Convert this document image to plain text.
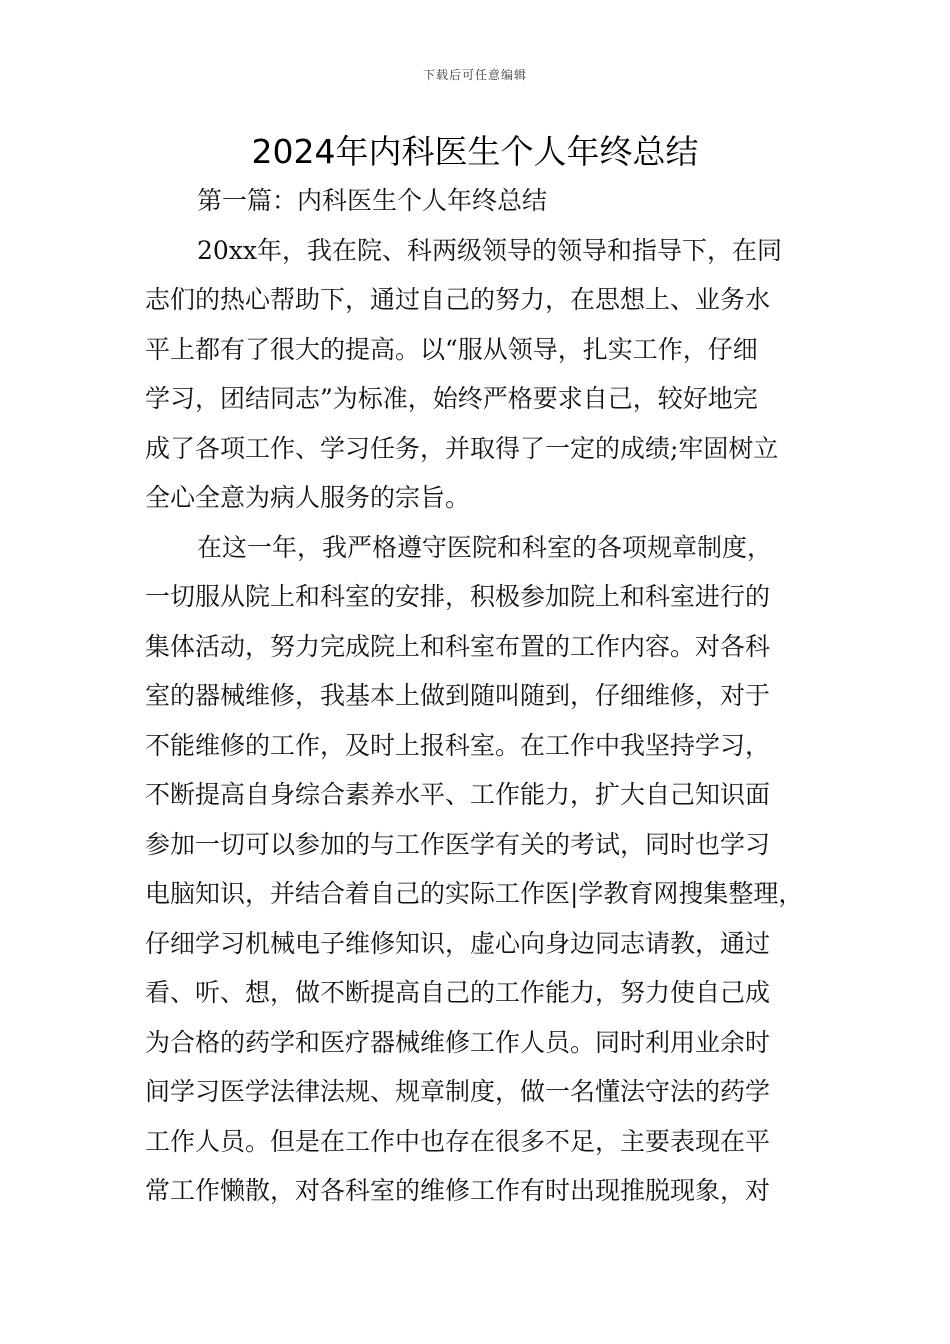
下载后可任意编辑
2024年内科医生个人年终总结
第一篇：内科医生个人年终总结
20xx年，我在院、科两级领导的领导和指导下，在同
志们的热心帮助下，通过自己的努力，在思想上、业务水
平上都有了很大的提高。以“服从领导，扎实工作，仔细
学习，团结同志”为标准，始终严格要求自己，较好地完
成了各项工作、学习任务，并取得了一定的成绩;牢固树立
全心全意为病人服务的宗旨。
在这一年，我严格遵守医院和科室的各项规章制度，
一切服从院上和科室的安排，积极参加院上和科室进行的
集体活动，努力完成院上和科室布置的工作内容。对各科
室的器械维修，我基本上做到随叫随到，仔细维修，对于
不能维修的工作，及时上报科室。在工作中我坚持学习，
不断提高自身综合素养水平、工作能力，扩大自己知识面
参加一切可以参加的与工作医学有关的考试，同时也学习
电脑知识，并结合着自己的实际工作医|学教育网搜集整理，
仔细学习机械电子维修知识，虚心向身边同志请教，通过
看、听、想，做不断提高自己的工作能力，努力使自己成
为合格的药学和医疗器械维修工作人员。同时利用业余时
间学习医学法律法规、规章制度，做一名懂法守法的药学
工作人员。但是在工作中也存在很多不足，主要表现在平
常工作懒散，对各科室的维修工作有时出现推脱现象，对
